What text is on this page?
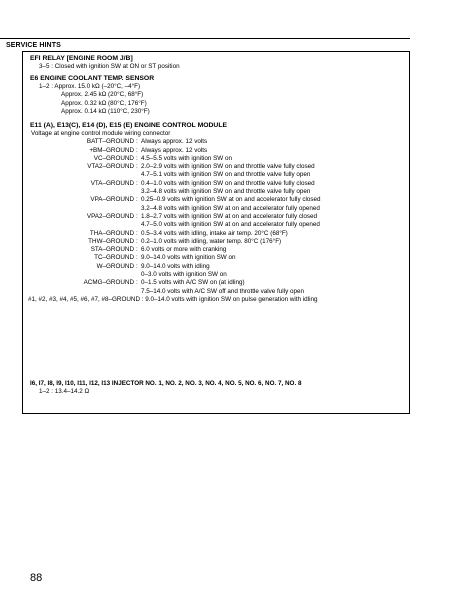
SERVICE HINTS
EFI RELAY [ENGINE ROOM J/B]
3–5 : Closed with ignition SW at ON or ST position
E6 ENGINE COOLANT TEMP. SENSOR
1–2 : Approx. 15.0 kΩ (–20°C, –4°F)
Approx. 2.45 kΩ (20°C, 68°F)
Approx. 0.32 kΩ (80°C, 176°F)
Approx. 0.14 kΩ (110°C, 230°F)
E11 (A), E13(C), E14 (D), E15 (E) ENGINE CONTROL MODULE
Voltage at engine control module wiring connector
BATT–GROUND : Always approx. 12 volts
+BM–GROUND : Always approx. 12 volts
VC–GROUND : 4.5–5.5 volts with ignition SW on
VTA2–GROUND : 2.0–2.9 volts with ignition SW on and throttle valve fully closed
4.7–5.1 volts with ignition SW on and throttle valve fully open
VTA–GROUND : 0.4–1.0 volts with ignition SW on and throttle valve fully closed
3.2–4.8 volts with ignition SW on and throttle valve fully open
VPA–GROUND : 0.25–0.9 volts with ignition SW at on and accelerator fully closed
3.2–4.8 volts with ignition SW at on and accelerator fully opened
VPA2–GROUND : 1.8–2.7 volts with ignition SW at on and accelerator fully closed
4.7–5.0 volts with ignition SW at on and accelerator fully opened
THA–GROUND : 0.5–3.4 volts with idling, intake air temp. 20°C (68°F)
THW–GROUND : 0.2–1.0 volts with idling, water temp. 80°C (176°F)
STA–GROUND : 6.0 volts or more with cranking
TC–GROUND : 9.0–14.0 volts with ignition SW on
W–GROUND : 9.0–14.0 volts with idling
0–3.0 volts with ignition SW on
ACMG–GROUND : 0–1.5 volts with A/C SW on (at idling)
7.5–14.0 volts with A/C SW off and throttle valve fully open
#1, #2, #3, #4, #5, #6, #7, #8–GROUND : 9.0–14.0 volts with ignition SW on pulse generation with idling
I6, I7, I8, I9, I10, I11, I12, I13 INJECTOR NO. 1, NO. 2, NO. 3, NO. 4, NO. 5, NO. 6, NO. 7, NO. 8
1–2 : 13.4–14.2 Ω
88
